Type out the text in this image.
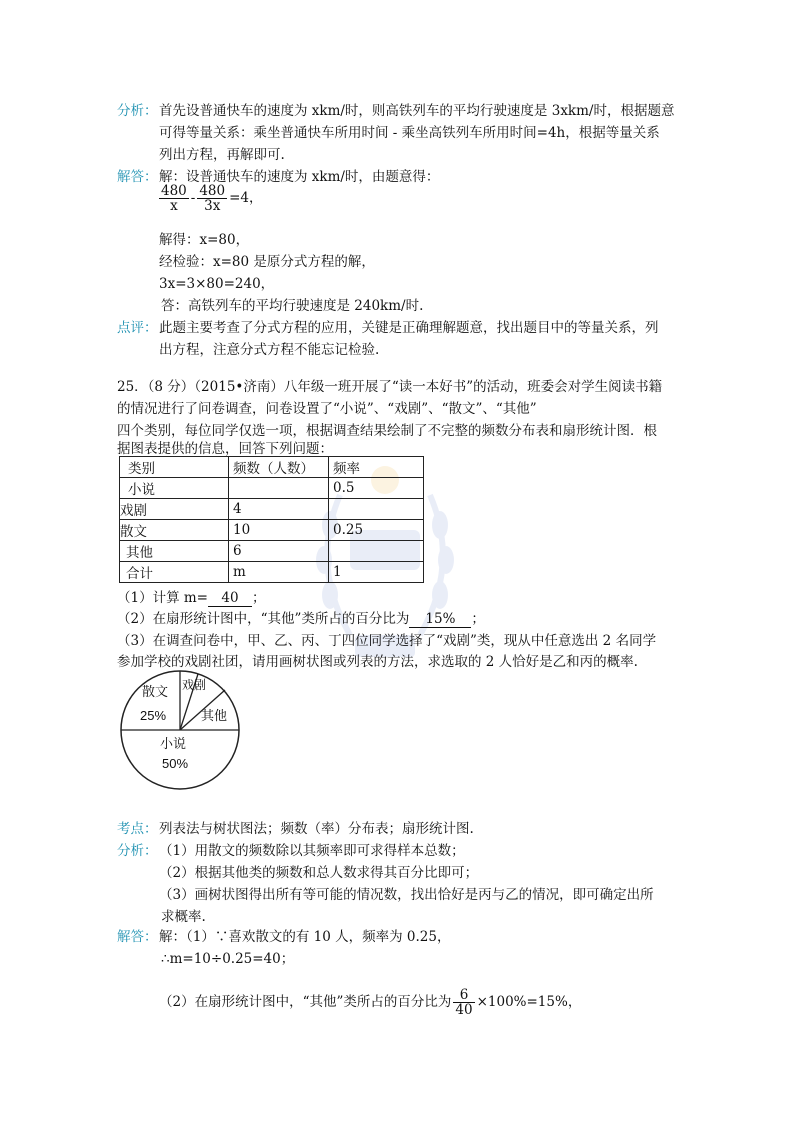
分析： 首先设普通快车的速度为 xkm/时，则高铁列车的平均行驶速度是 3xkm/时，根据题意
可得等量关系：乘坐普通快车所用时间 - 乘坐高铁列车所用时间=4h，根据等量关系
列出方程，再解即可.
解答： 解：设普通快车的速度为 xkm/时，由题意得：
$\frac{480}{x} - \frac{480}{3x} =4$，
解得：x=80，
经检验：x=80 是原分式方程的解，
3x=3×80=240，
答：高铁列车的平均行驶速度是 240km/时.
点评： 此题主要考查了分式方程的应用，关键是正确理解题意，找出题目中的等量关系，列
出方程，注意分式方程不能忘记检验.
25．（8 分）（2015•济南）八年级一班开展了“读一本好书”的活动，班委会对学生阅读书籍
的情况进行了问卷调查，问卷设置了“小说”、“戏剧”、“散文”、“其他”
四个类别，每位同学仅选一项，根据调查结果绘制了不完整的频数分布表和扇形统计图．根
据图表提供的信息，回答下列问题：
类别	频数（人数）	频率
小说		0.5
戏剧	4	
散文	10	0.25
其他	6	
合计	m	1
（1）计算 m= 40 ；
（2）在扇形统计图中，“其他”类所占的百分比为 15% ；
（3）在调查问卷中，甲、乙、丙、丁四位同学选择了“戏剧”类，现从中任意选出 2 名同学
参加学校的戏剧社团，请用画树状图或列表的方法，求选取的 2 人恰好是乙和丙的概率.
散文
25%
戏剧
其他
小说
50%
考点： 列表法与树状图法；频数（率）分布表；扇形统计图.
分析： （1）用散文的频数除以其频率即可求得样本总数；
（2）根据其他类的频数和总人数求得其百分比即可；
（3）画树状图得出所有等可能的情况数，找出恰好是丙与乙的情况，即可确定出所
求概率.
解答： 解：（1）∵喜欢散文的有 10 人，频率为 0.25，
∴m=10÷0.25=40；
（2）在扇形统计图中，“其他”类所占的百分比为 $\frac{6}{40} \times 100\%=15\%$，
